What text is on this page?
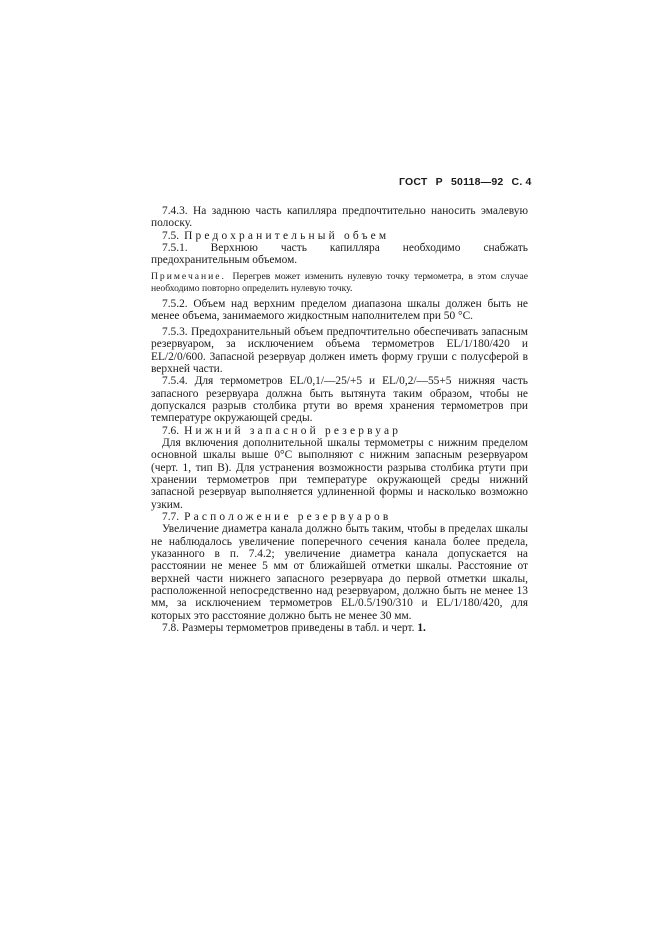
ГОСТ Р 50118—92 С. 4

7.4.3. На заднюю часть капилляра предпочтительно наносить эмалевую полоску.

7.5. Предохранительный объем

7.5.1. Верхнюю часть капилляра необходимо снабжать предохранительным объемом.

Примечание. Перегрев может изменить нулевую точку термометра, в этом случае необходимо повторно определить нулевую точку.

7.5.2. Объем над верхним пределом диапазона шкалы должен быть не менее объема, занимаемого жидкостным наполнителем при 50 °С.

7.5.3. Предохранительный объем предпочтительно обеспечивать запасным резервуаром, за исключением объема термометров EL/1/180/420 и EL/2/0/600. Запасной резервуар должен иметь форму груши с полусферой в верхней части.

7.5.4. Для термометров EL/0,1/—25/+5 и EL/0,2/—55+5 нижняя часть запасного резервуара должна быть вытянута таким образом, чтобы не допускался разрыв столбика ртути во время хранения термометров при температуре окружающей среды.

7.6. Нижний запасной резервуар

Для включения дополнительной шкалы термометры с нижним пределом основной шкалы выше 0°С выполняют с нижним запасным резервуаром (черт. 1, тип В). Для устранения возможности разрыва столбика ртути при хранении термометров при температуре окружающей среды нижний запасной резервуар выполняется удлиненной формы и насколько возможно узким.

7.7. Расположение резервуаров

Увеличение диаметра канала должно быть таким, чтобы в пределах шкалы не наблюдалось увеличение поперечного сечения канала более предела, указанного в п. 7.4.2; увеличение диаметра канала допускается на расстоянии не менее 5 мм от ближайшей отметки шкалы. Расстояние от верхней части нижнего запасного резервуара до первой отметки шкалы, расположенной непосредственно над резервуаром, должно быть не менее 13 мм, за исключением термометров EL/0.5/190/310 и EL/1/180/420, для которых это расстояние должно быть не менее 30 мм.

7.8. Размеры термометров приведены в табл. и черт. 1.
